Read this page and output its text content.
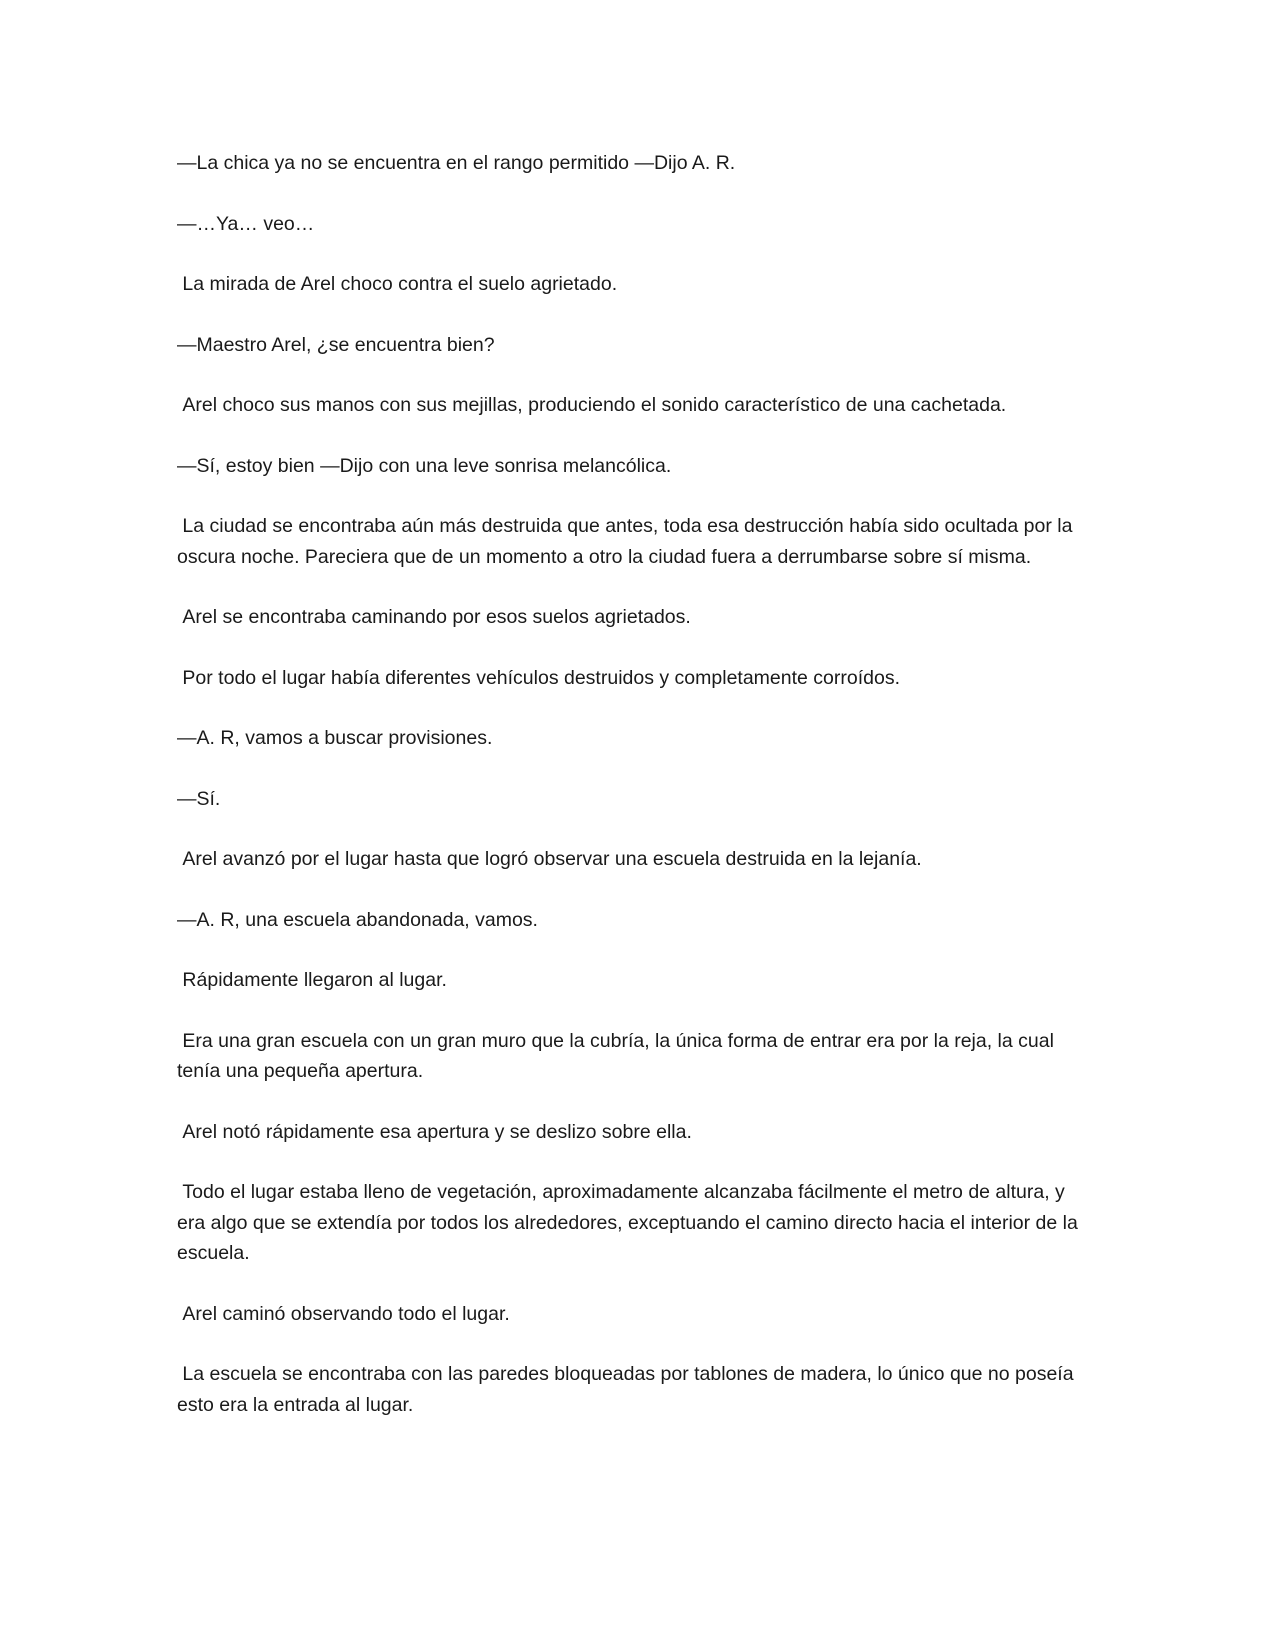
—La chica ya no se encuentra en el rango permitido —Dijo A. R.

—…Ya… veo…

La mirada de Arel choco contra el suelo agrietado.

—Maestro Arel, ¿se encuentra bien?

Arel choco sus manos con sus mejillas, produciendo el sonido característico de una cachetada.

—Sí, estoy bien —Dijo con una leve sonrisa melancólica.

La ciudad se encontraba aún más destruida que antes, toda esa destrucción había sido ocultada por la oscura noche. Pareciera que de un momento a otro la ciudad fuera a derrumbarse sobre sí misma.

Arel se encontraba caminando por esos suelos agrietados.

Por todo el lugar había diferentes vehículos destruidos y completamente corroídos.

—A. R, vamos a buscar provisiones.

—Sí.

Arel avanzó por el lugar hasta que logró observar una escuela destruida en la lejanía.

—A. R, una escuela abandonada, vamos.

Rápidamente llegaron al lugar.

Era una gran escuela con un gran muro que la cubría, la única forma de entrar era por la reja, la cual tenía una pequeña apertura.

Arel notó rápidamente esa apertura y se deslizo sobre ella.

Todo el lugar estaba lleno de vegetación, aproximadamente alcanzaba fácilmente el metro de altura, y era algo que se extendía por todos los alrededores, exceptuando el camino directo hacia el interior de la escuela.

Arel caminó observando todo el lugar.

La escuela se encontraba con las paredes bloqueadas por tablones de madera, lo único que no poseía esto era la entrada al lugar.
